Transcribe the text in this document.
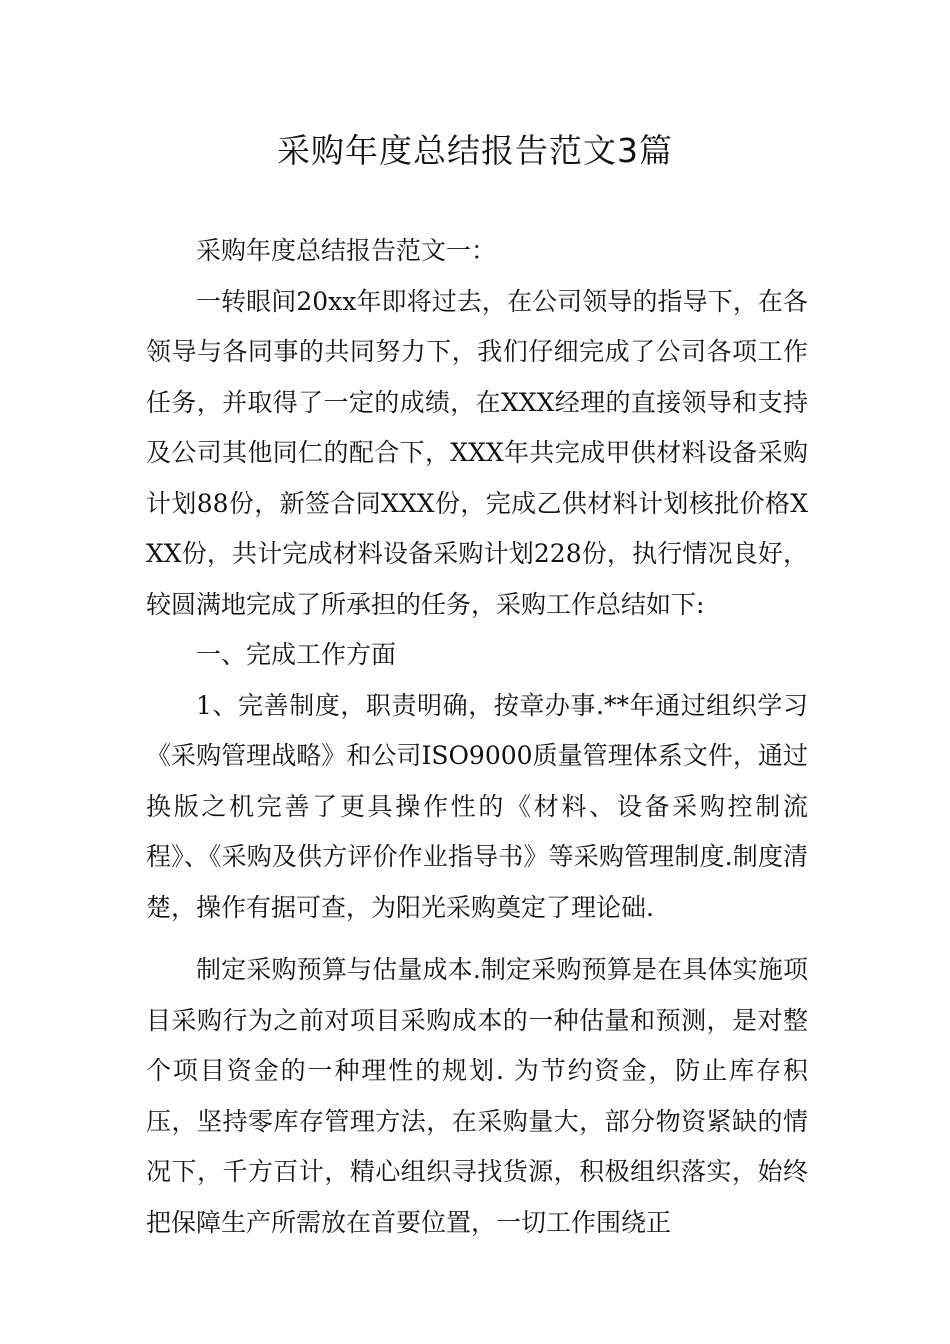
采购年度总结报告范文3篇

采购年度总结报告范文一：

一转眼间20xx年即将过去，在公司领导的指导下，在各领导与各同事的共同努力下，我们仔细完成了公司各项工作任务，并取得了一定的成绩，在XXX经理的直接领导和支持及公司其他同仁的配合下，XXX年共完成甲供材料设备采购计划88份，新签合同XXX份，完成乙供材料计划核批价格XXX份，共计完成材料设备采购计划228份，执行情况良好，较圆满地完成了所承担的任务，采购工作总结如下:

一、完成工作方面

1、完善制度，职责明确，按章办事.**年通过组织学习《采购管理战略》和公司ISO9000质量管理体系文件，通过换版之机完善了更具操作性的《材料、设备采购控制流程》、《采购及供方评价作业指导书》等采购管理制度.制度清楚，操作有据可查，为阳光采购奠定了理论础.

制定采购预算与估量成本.制定采购预算是在具体实施项目采购行为之前对项目采购成本的一种估量和预测，是对整个项目资金的一种理性的规划. 为节约资金，防止库存积压，坚持零库存管理方法，在采购量大，部分物资紧缺的情况下，千方百计，精心组织寻找货源，积极组织落实，始终把保障生产所需放在首要位置，一切工作围绕正
